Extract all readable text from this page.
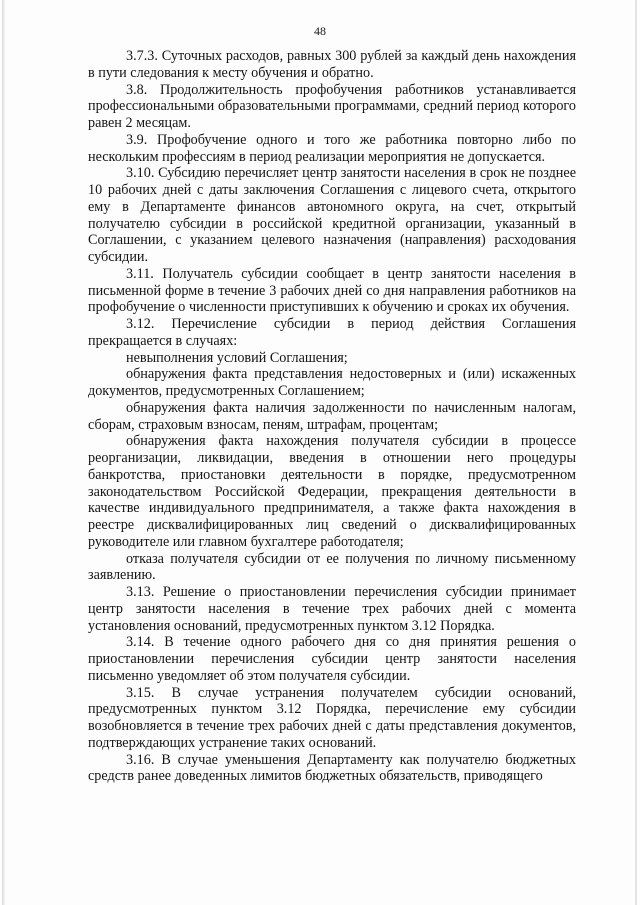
48

3.7.3. Суточных расходов, равных 300 рублей за каждый день нахождения в пути следования к месту обучения и обратно.

3.8. Продолжительность профобучения работников устанавливается профессиональными образовательными программами, средний период которого равен 2 месяцам.

3.9. Профобучение одного и того же работника повторно либо по нескольким профессиям в период реализации мероприятия не допускается.

3.10. Субсидию перечисляет центр занятости населения в срок не позднее 10 рабочих дней с даты заключения Соглашения с лицевого счета, открытого ему в Департаменте финансов автономного округа, на счет, открытый получателю субсидии в российской кредитной организации, указанный в Соглашении, с указанием целевого назначения (направления) расходования субсидии.

3.11. Получатель субсидии сообщает в центр занятости населения в письменной форме в течение 3 рабочих дней со дня направления работников на профобучение о численности приступивших к обучению и сроках их обучения.

3.12. Перечисление субсидии в период действия Соглашения прекращается в случаях:

невыполнения условий Соглашения;

обнаружения факта представления недостоверных и (или) искаженных документов, предусмотренных Соглашением;

обнаружения факта наличия задолженности по начисленным налогам, сборам, страховым взносам, пеням, штрафам, процентам;

обнаружения факта нахождения получателя субсидии в процессе реорганизации, ликвидации, введения в отношении него процедуры банкротства, приостановки деятельности в порядке, предусмотренном законодательством Российской Федерации, прекращения деятельности в качестве индивидуального предпринимателя, а также факта нахождения в реестре дисквалифицированных лиц сведений о дисквалифицированных руководителе или главном бухгалтере работодателя;

отказа получателя субсидии от ее получения по личному письменному заявлению.

3.13. Решение о приостановлении перечисления субсидии принимает центр занятости населения в течение трех рабочих дней с момента установления оснований, предусмотренных пунктом 3.12 Порядка.

3.14. В течение одного рабочего дня со дня принятия решения о приостановлении перечисления субсидии центр занятости населения письменно уведомляет об этом получателя субсидии.

3.15. В случае устранения получателем субсидии оснований, предусмотренных пунктом 3.12 Порядка, перечисление ему субсидии возобновляется в течение трех рабочих дней с даты представления документов, подтверждающих устранение таких оснований.

3.16. В случае уменьшения Департаменту как получателю бюджетных средств ранее доведенных лимитов бюджетных обязательств, приводящего
